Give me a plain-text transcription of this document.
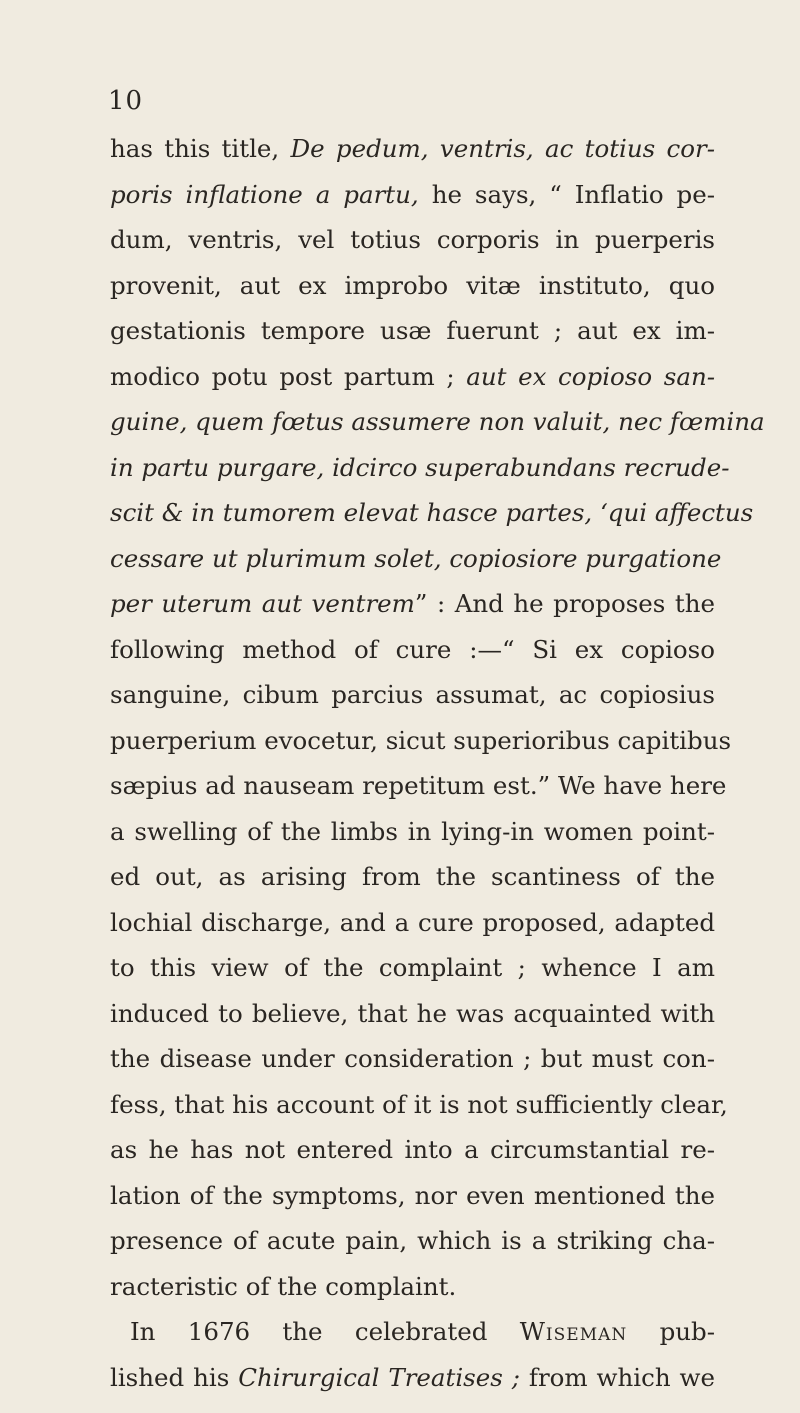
10
has this title, De pedum, ventris, ac totius cor-
poris inflatione a partu, he says, “ Inflatio pe-
dum, ventris, vel totius corporis in puerperis
provenit, aut ex improbo vitæ instituto, quo
gestationis tempore usæ fuerunt ; aut ex im-
modico potu post partum ; aut ex copioso san-
guine, quem fœtus assumere non valuit, nec fœmina
in partu purgare, idcirco superabundans recrude-
scit & in tumorem elevat hasce partes, ‘qui affectus
cessare ut plurimum solet, copiosiore purgatione
per uterum aut ventrem” : And he proposes the
following method of cure :—“ Si ex copioso
sanguine, cibum parcius assumat, ac copiosius
puerperium evocetur, sicut superioribus capitibus
sæpius ad nauseam repetitum est.” We have here
a swelling of the limbs in lying-in women point-
ed out, as arising from the scantiness of the
lochial discharge, and a cure proposed, adapted
to this view of the complaint ; whence I am
induced to believe, that he was acquainted with
the disease under consideration ; but must con-
fess, that his account of it is not sufficiently clear,
as he has not entered into a circumstantial re-
lation of the symptoms, nor even mentioned the
presence of acute pain, which is a striking cha-
racteristic of the complaint.
In 1676 the celebrated Wiseman pub-
lished his Chirurgical Treatises ; from which we
